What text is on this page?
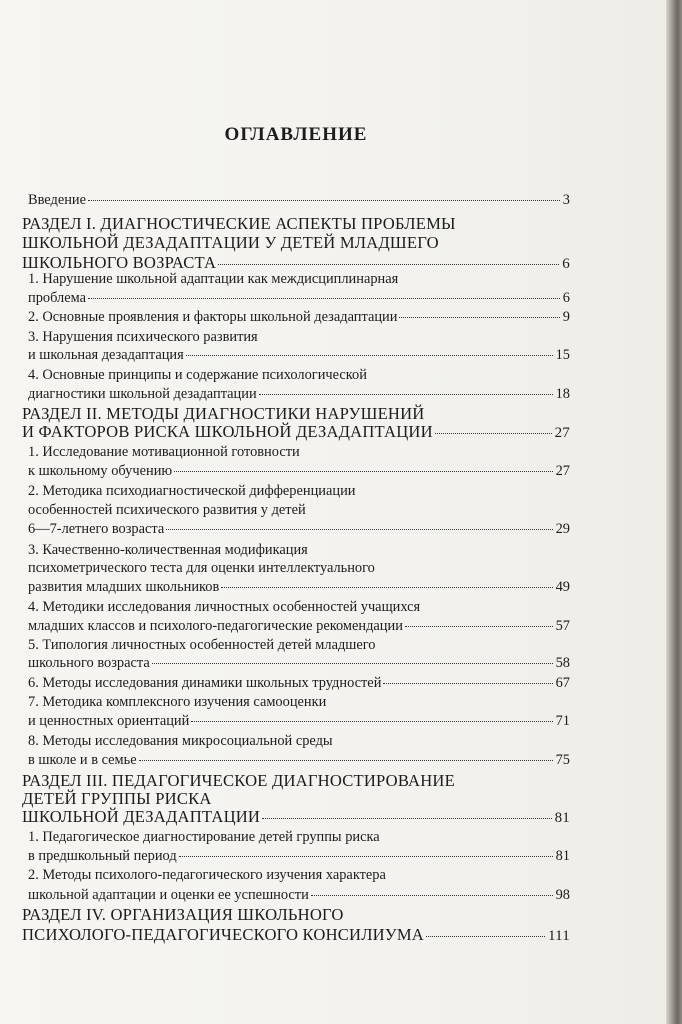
ОГЛАВЛЕНИЕ
Введение	3
РАЗДЕЛ I. ДИАГНОСТИЧЕСКИЕ АСПЕКТЫ ПРОБЛЕМЫ
ШКОЛЬНОЙ ДЕЗАДАПТАЦИИ У ДЕТЕЙ МЛАДШЕГО
ШКОЛЬНОГО ВОЗРАСТА	6
1. Нарушение школьной адаптации как междисциплинарная
проблема	6
2. Основные проявления и факторы школьной дезадаптации	9
3. Нарушения психического развития
и школьная дезадаптация	15
4. Основные принципы и содержание психологической
диагностики школьной дезадаптации	18
РАЗДЕЛ II. МЕТОДЫ ДИАГНОСТИКИ НАРУШЕНИЙ
И ФАКТОРОВ РИСКА ШКОЛЬНОЙ ДЕЗАДАПТАЦИИ	27
1. Исследование мотивационной готовности
к школьному обучению	27
2. Методика психодиагностической дифференциации
особенностей психического развития у детей
6—7-летнего возраста	29
3. Качественно-количественная модификация
психометрического теста для оценки интеллектуального
развития младших школьников	49
4. Методики исследования личностных особенностей учащихся
младших классов и психолого-педагогические рекомендации	57
5. Типология личностных особенностей детей младшего
школьного возраста	58
6. Методы исследования динамики школьных трудностей	67
7. Методика комплексного изучения самооценки
и ценностных ориентаций	71
8. Методы исследования микросоциальной среды
в школе и в семье	75
РАЗДЕЛ III. ПЕДАГОГИЧЕСКОЕ ДИАГНОСТИРОВАНИЕ
ДЕТЕЙ ГРУППЫ РИСКА
ШКОЛЬНОЙ ДЕЗАДАПТАЦИИ	81
1. Педагогическое диагностирование детей группы риска
в предшкольный период	81
2. Методы психолого-педагогического изучения характера
школьной адаптации и оценки ее успешности	98
РАЗДЕЛ IV. ОРГАНИЗАЦИЯ ШКОЛЬНОГО
ПСИХОЛОГО-ПЕДАГОГИЧЕСКОГО КОНСИЛИУМА	111
